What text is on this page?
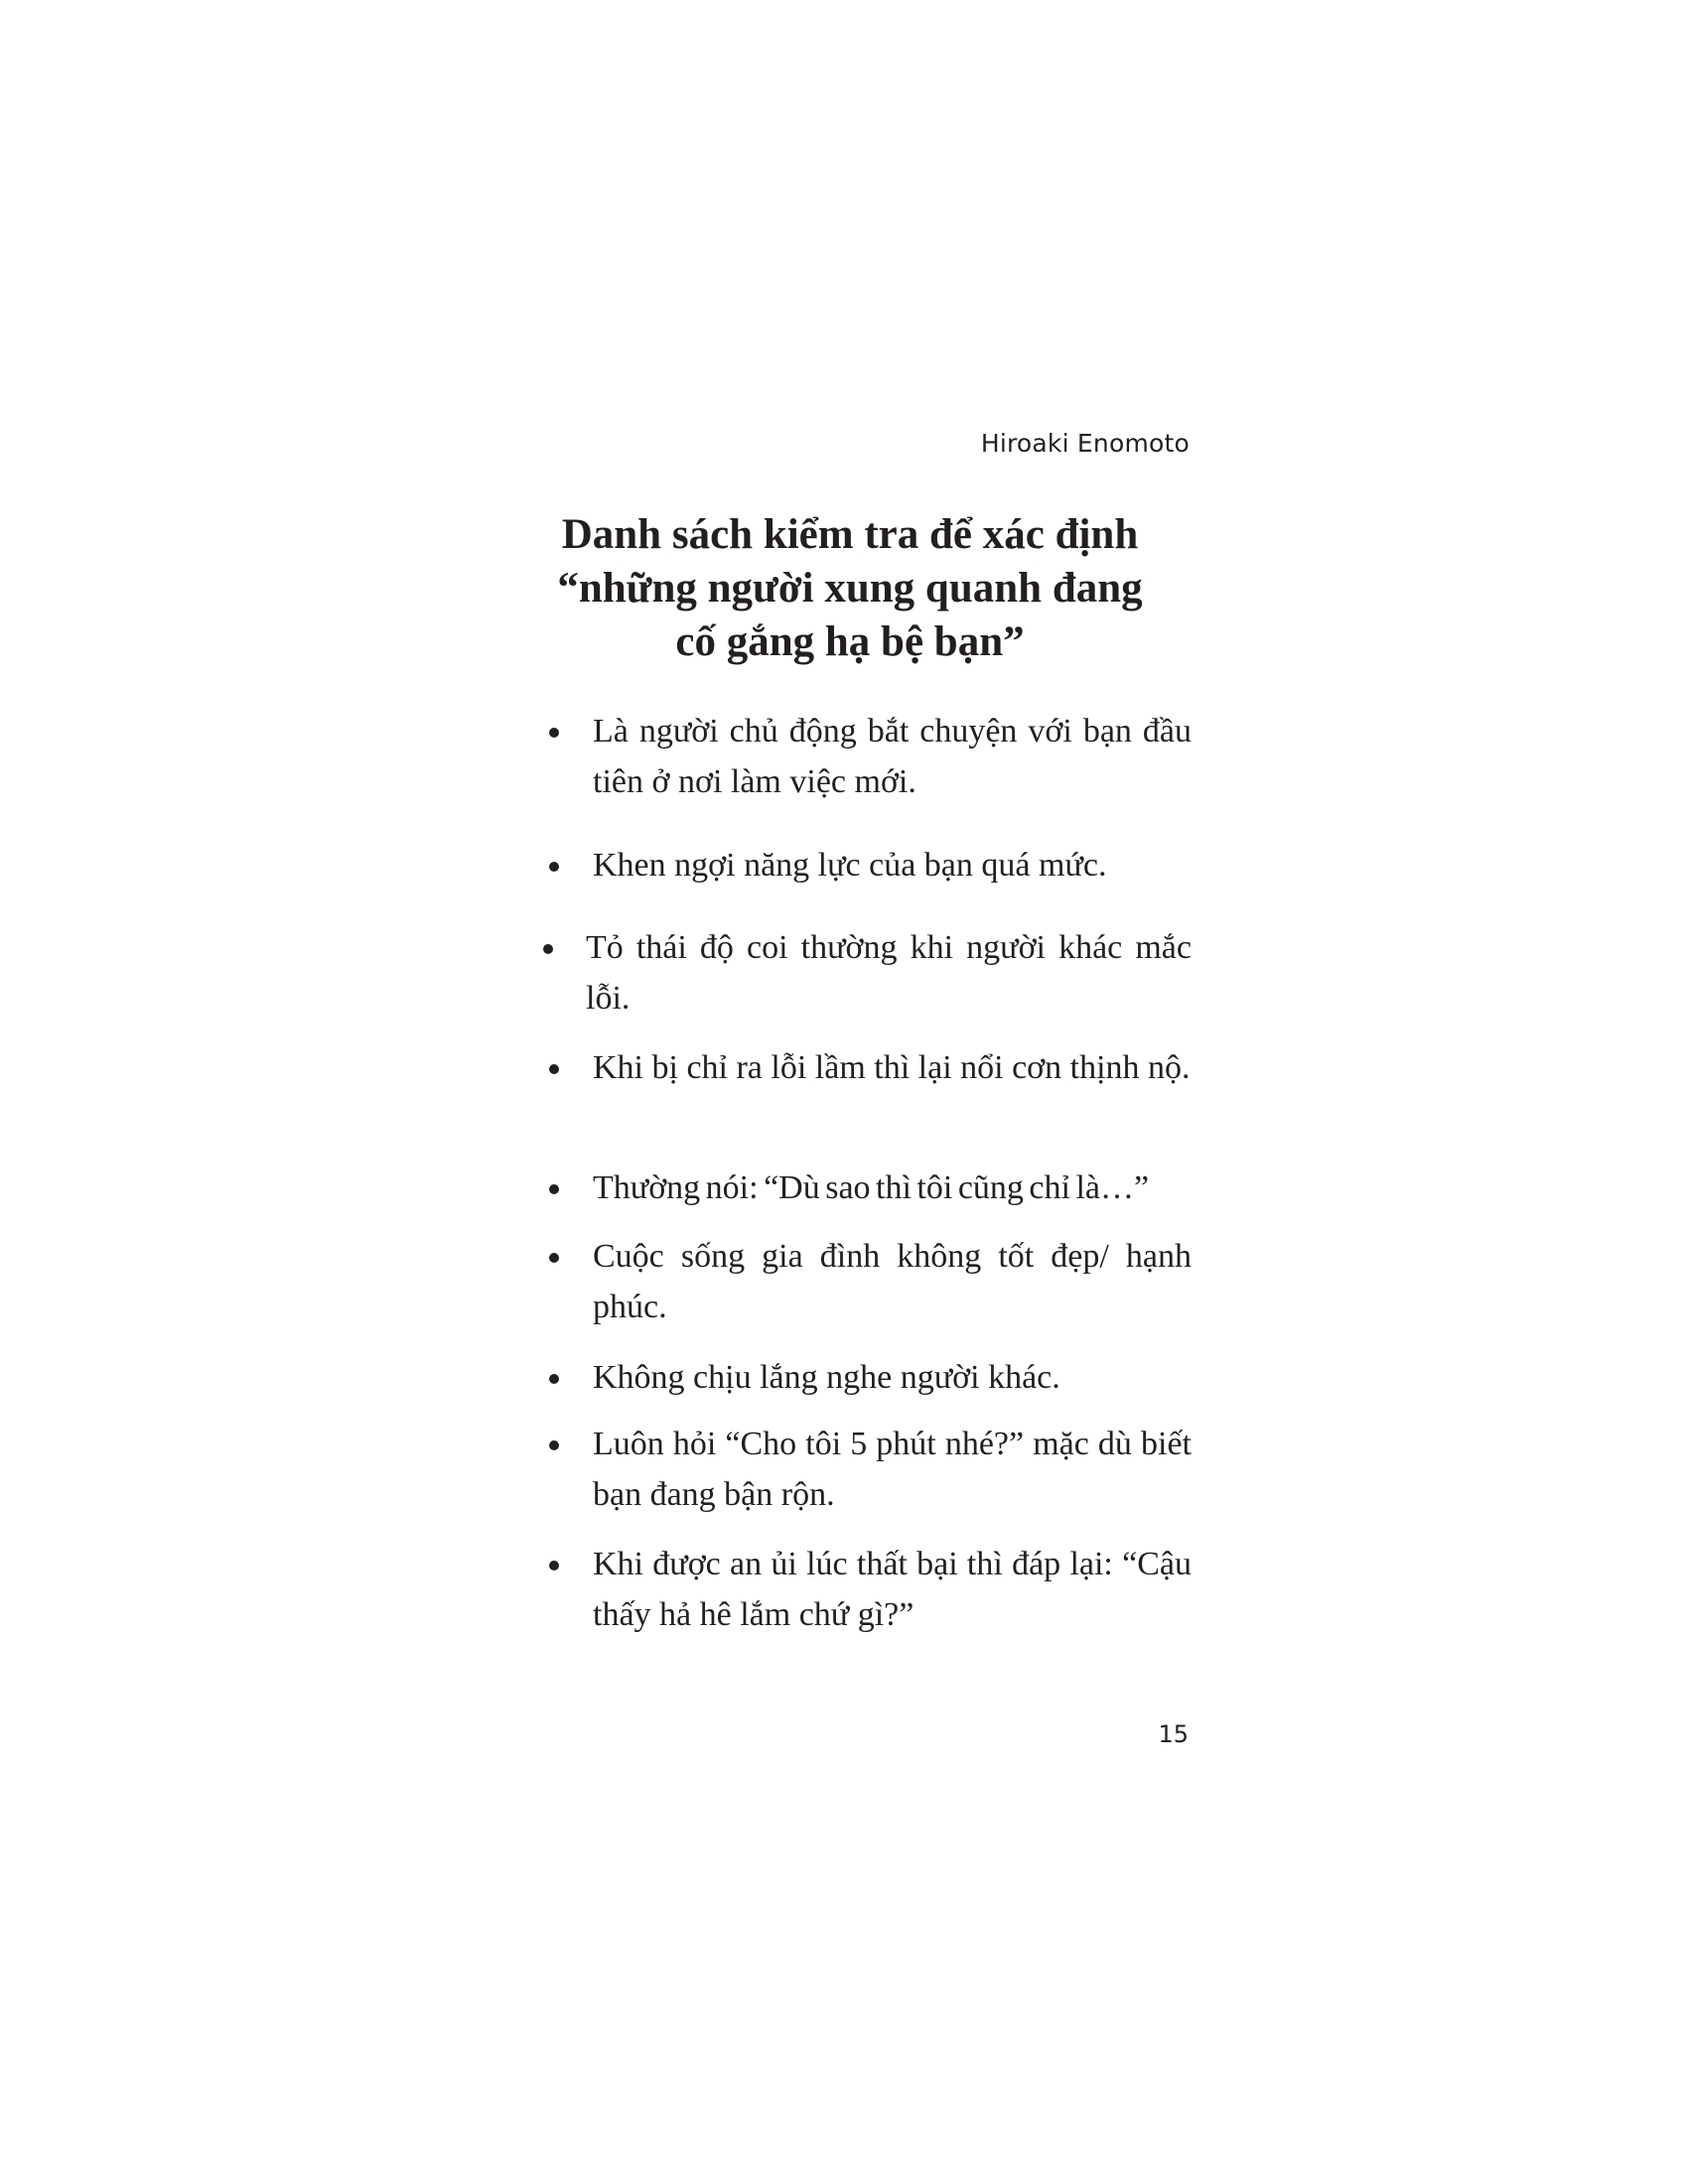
Hiroaki Enomoto
Danh sách kiểm tra để xác định
“những người xung quanh đang
cố gắng hạ bệ bạn”
Là người chủ động bắt chuyện với bạn đầu tiên ở nơi làm việc mới.
Khen ngợi năng lực của bạn quá mức.
Tỏ thái độ coi thường khi người khác mắc lỗi.
Khi bị chỉ ra lỗi lầm thì lại nổi cơn thịnh nộ.
Thường nói: “Dù sao thì tôi cũng chỉ là…”
Cuộc sống gia đình không tốt đẹp/ hạnh phúc.
Không chịu lắng nghe người khác.
Luôn hỏi “Cho tôi 5 phút nhé?” mặc dù biết bạn đang bận rộn.
Khi được an ủi lúc thất bại thì đáp lại: “Cậu thấy hả hê lắm chứ gì?”
15
